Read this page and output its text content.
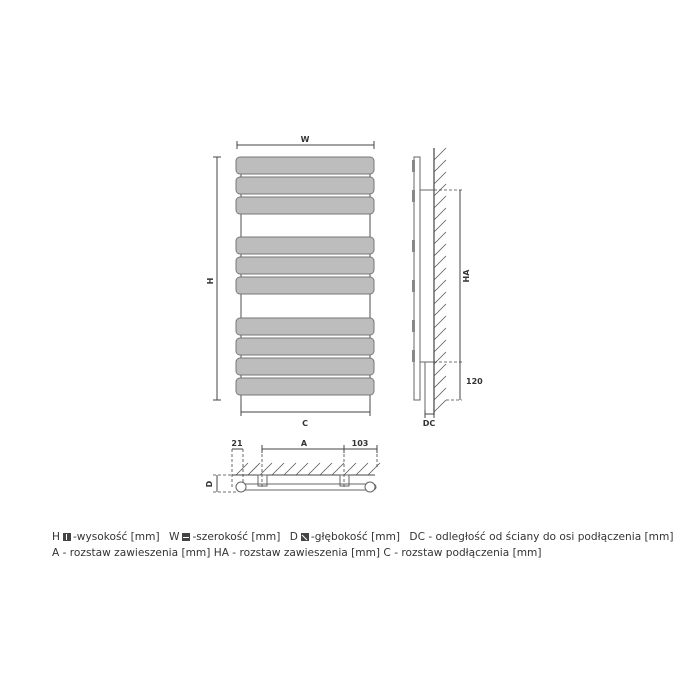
W
H
C
HA
120
DC
A	103
21
D
H -wysokość [mm] W -szerokość [mm] D -głębokość [mm] DC - odległość od ściany do osi podłączenia [mm]
A - rozstaw zawieszenia [mm] HA - rozstaw zawieszenia [mm] C - rozstaw podłączenia [mm]
